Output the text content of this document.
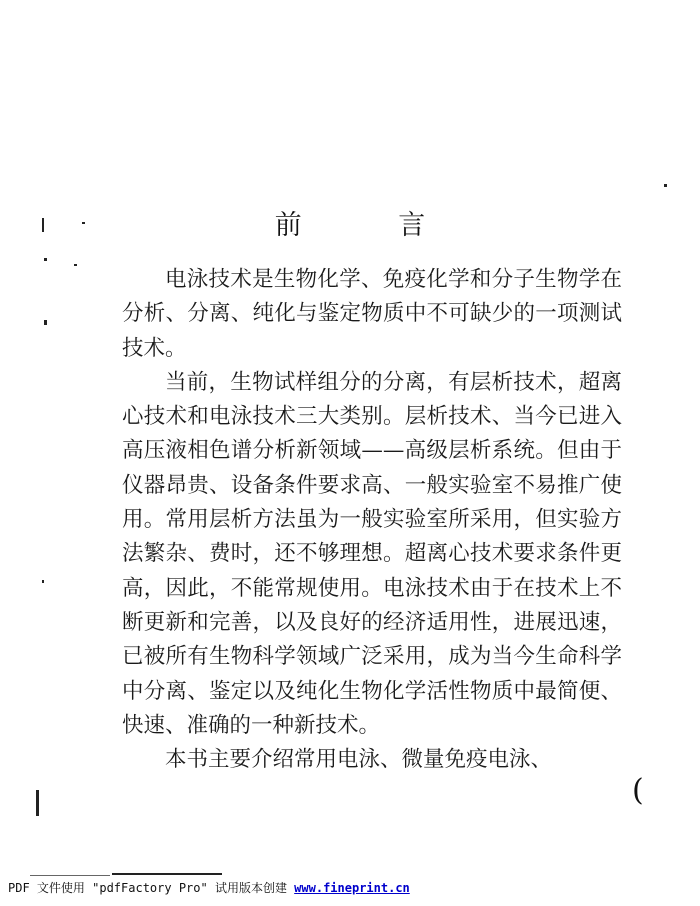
前 言

电泳技术是生物化学、免疫化学和分子生物学在分析、分离、纯化与鉴定物质中不可缺少的一项测试技术。

当前，生物试样组分的分离，有层析技术，超离心技术和电泳技术三大类别。层析技术、当今已进入高压液相色谱分析新领域——高级层析系统。但由于仪器昂贵、设备条件要求高、一般实验室不易推广使用。常用层析方法虽为一般实验室所采用，但实验方法繁杂、费时，还不够理想。超离心技术要求条件更高，因此，不能常规使用。电泳技术由于在技术上不断更新和完善，以及良好的经济适用性，进展迅速，已被所有生物科学领域广泛采用，成为当今生命科学中分离、鉴定以及纯化生物化学活性物质中最简便、快速、准确的一种新技术。

本书主要介绍常用电泳、微量免疫电泳、

(
PDF 文件使用 "pdfFactory Pro" 试用版本创建 www.fineprint.cn
